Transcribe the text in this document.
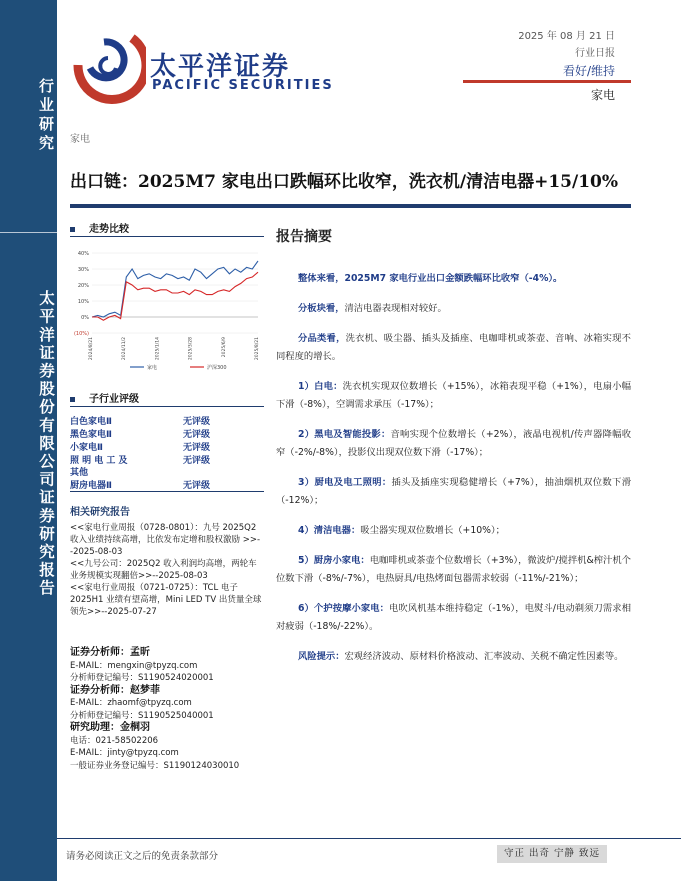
行业研究
太平洋证券股份有限公司证券研究报告
太平洋证券
PACIFIC SECURITIES
2025 年 08 月 21 日
行业日报
看好/维持
家电
家电
出口链：2025M7 家电出口跌幅环比收窄，洗衣机/清洁电器+15/10%
走势比较
40%
30%
20%
10%
0%
(10%)
2024/8/21	2024/11/2	2025/1/14	2025/3/28	2025/6/9	2025/8/21
家电	沪深300
子行业评级
白色家电Ⅱ	无评级
黑色家电Ⅱ	无评级
小家电Ⅱ	无评级
照 明 电 工 及	无评级
其他
厨房电器Ⅱ	无评级
相关研究报告

<<家电行业周报（0728-0801）：九号 2025Q2 收入业绩持续高增，比依发布定增和股权激励 >>--2025-08-03

<<九号公司：2025Q2 收入利润均高增，两轮车业务规模实现翻倍>>--2025-08-03

<<家电行业周报（0721-0725）：TCL 电子 2025H1 业绩有望高增，Mini LED TV 出货量全球领先>>--2025-07-27

证券分析师：孟昕
E-MAIL：mengxin@tpyzq.com
分析师登记编号：S1190524020001
证券分析师：赵梦菲
E-MAIL：zhaomf@tpyzq.com
分析师登记编号：S1190525040001
研究助理：金桐羽
电话：021-58502206
E-MAIL：jinty@tpyzq.com
一般证券业务登记编号：S1190124030010
报告摘要

整体来看，2025M7 家电行业出口金额跌幅环比收窄（-4%）。

分板块看，清洁电器表现相对较好。

分品类看，洗衣机、吸尘器、插头及插座、电咖啡机或茶壶、音响、冰箱实现不同程度的增长。

1）白电：洗衣机实现双位数增长（+15%），冰箱表现平稳（+1%），电扇小幅下滑（-8%），空调需求承压（-17%）；

2）黑电及智能投影：音响实现个位数增长（+2%），液晶电视机/传声器降幅收窄（-2%/-8%），投影仪出现双位数下滑（-17%）；

3）厨电及电工照明：插头及插座实现稳健增长（+7%），抽油烟机双位数下滑（-12%）；

4）清洁电器：吸尘器实现双位数增长（+10%）；

5）厨房小家电：电咖啡机或茶壶个位数增长（+3%），微波炉/搅拌机&榨汁机个位数下滑（-8%/-7%），电热厨具/电热烤面包器需求较弱（-11%/-21%）；

6）个护按摩小家电：电吹风机基本维持稳定（-1%），电熨斗/电动剃须刀需求相对疲弱（-18%/-22%）。

风险提示：宏观经济波动、原材料价格波动、汇率波动、关税不确定性因素等。

请务必阅读正文之后的免责条款部分	守正 出奇 宁静 致远
